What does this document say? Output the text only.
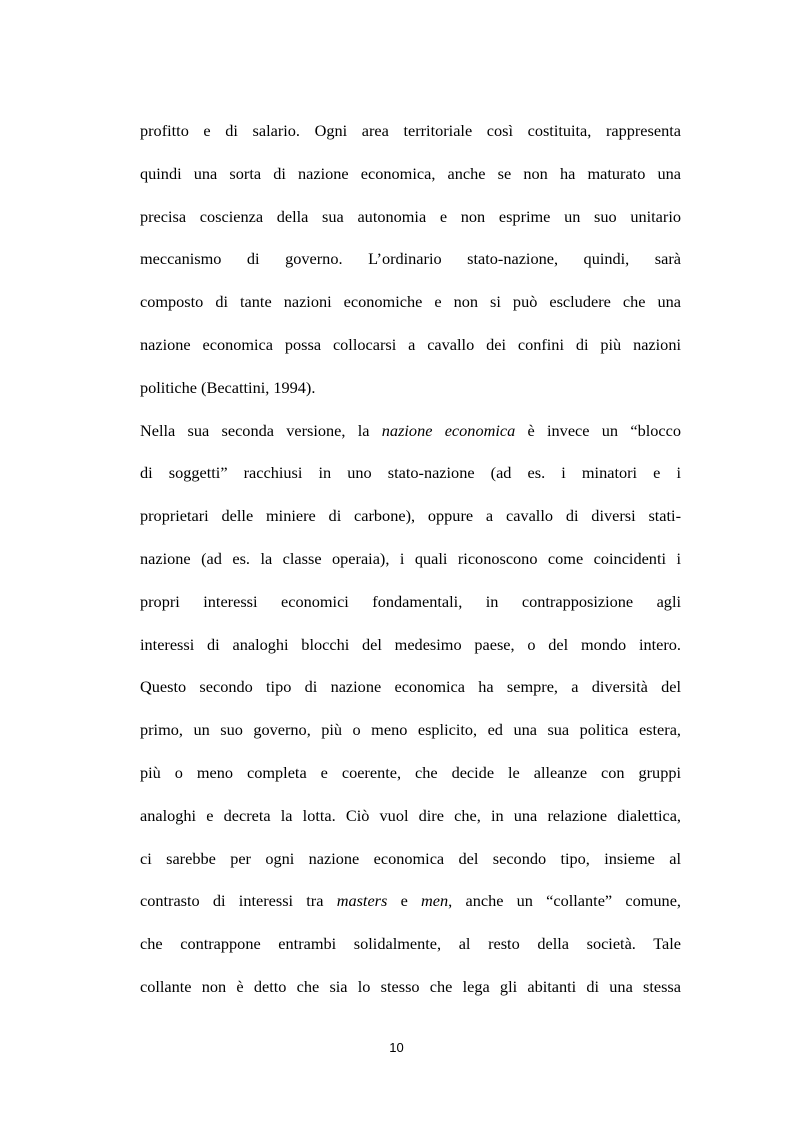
profitto e di salario. Ogni area territoriale così costituita, rappresenta
quindi una sorta di nazione economica, anche se non ha maturato una
precisa coscienza della sua autonomia e non esprime un suo unitario
meccanismo di governo. L’ordinario stato-nazione, quindi, sarà
composto di tante nazioni economiche e non si può escludere che una
nazione economica possa collocarsi a cavallo dei confini di più nazioni
politiche (Becattini, 1994).
Nella sua seconda versione, la nazione economica è invece un “blocco
di soggetti” racchiusi in uno stato-nazione (ad es. i minatori e i
proprietari delle miniere di carbone), oppure a cavallo di diversi stati-
nazione (ad es. la classe operaia), i quali riconoscono come coincidenti i
propri interessi economici fondamentali, in contrapposizione agli
interessi di analoghi blocchi del medesimo paese, o del mondo intero.
Questo secondo tipo di nazione economica ha sempre, a diversità del
primo, un suo governo, più o meno esplicito, ed una sua politica estera,
più o meno completa e coerente, che decide le alleanze con gruppi
analoghi e decreta la lotta. Ciò vuol dire che, in una relazione dialettica,
ci sarebbe per ogni nazione economica del secondo tipo, insieme al
contrasto di interessi tra masters e men, anche un “collante” comune,
che contrappone entrambi solidalmente, al resto della società. Tale
collante non è detto che sia lo stesso che lega gli abitanti di una stessa
10
